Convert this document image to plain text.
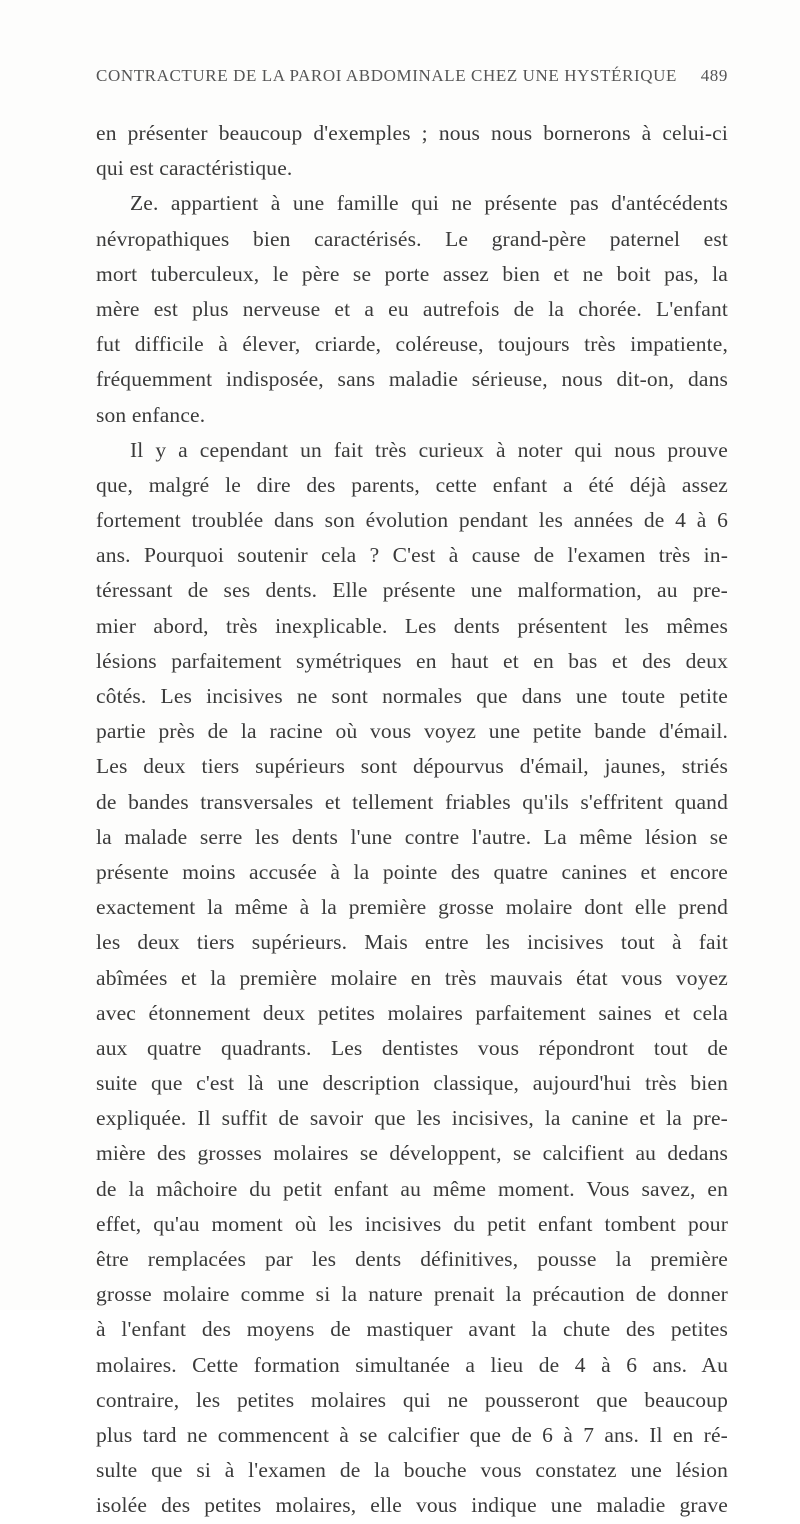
CONTRACTURE DE LA PAROI ABDOMINALE CHEZ UNE HYSTÉRIQUE 489
en présenter beaucoup d'exemples ; nous nous bornerons à celui-ci
qui est caractéristique.
Ze. appartient à une famille qui ne présente pas d'antécédents
névropathiques bien caractérisés. Le grand-père paternel est
mort tuberculeux, le père se porte assez bien et ne boit pas, la
mère est plus nerveuse et a eu autrefois de la chorée. L'enfant
fut difficile à élever, criarde, coléreuse, toujours très impatiente,
fréquemment indisposée, sans maladie sérieuse, nous dit-on, dans
son enfance.
Il y a cependant un fait très curieux à noter qui nous prouve
que, malgré le dire des parents, cette enfant a été déjà assez
fortement troublée dans son évolution pendant les années de 4 à 6
ans. Pourquoi soutenir cela ? C'est à cause de l'examen très in-
téressant de ses dents. Elle présente une malformation, au pre-
mier abord, très inexplicable. Les dents présentent les mêmes
lésions parfaitement symétriques en haut et en bas et des deux
côtés. Les incisives ne sont normales que dans une toute petite
partie près de la racine où vous voyez une petite bande d'émail.
Les deux tiers supérieurs sont dépourvus d'émail, jaunes, striés
de bandes transversales et tellement friables qu'ils s'effritent quand
la malade serre les dents l'une contre l'autre. La même lésion se
présente moins accusée à la pointe des quatre canines et encore
exactement la même à la première grosse molaire dont elle prend
les deux tiers supérieurs. Mais entre les incisives tout à fait
abîmées et la première molaire en très mauvais état vous voyez
avec étonnement deux petites molaires parfaitement saines et cela
aux quatre quadrants. Les dentistes vous répondront tout de
suite que c'est là une description classique, aujourd'hui très bien
expliquée. Il suffit de savoir que les incisives, la canine et la pre-
mière des grosses molaires se développent, se calcifient au dedans
de la mâchoire du petit enfant au même moment. Vous savez, en
effet, qu'au moment où les incisives du petit enfant tombent pour
être remplacées par les dents définitives, pousse la première
grosse molaire comme si la nature prenait la précaution de donner
à l'enfant des moyens de mastiquer avant la chute des petites
molaires. Cette formation simultanée a lieu de 4 à 6 ans. Au
contraire, les petites molaires qui ne pousseront que beaucoup
plus tard ne commencent à se calcifier que de 6 à 7 ans. Il en ré-
sulte que si à l'examen de la bouche vous constatez une lésion
isolée des petites molaires, elle vous indique une maladie grave
